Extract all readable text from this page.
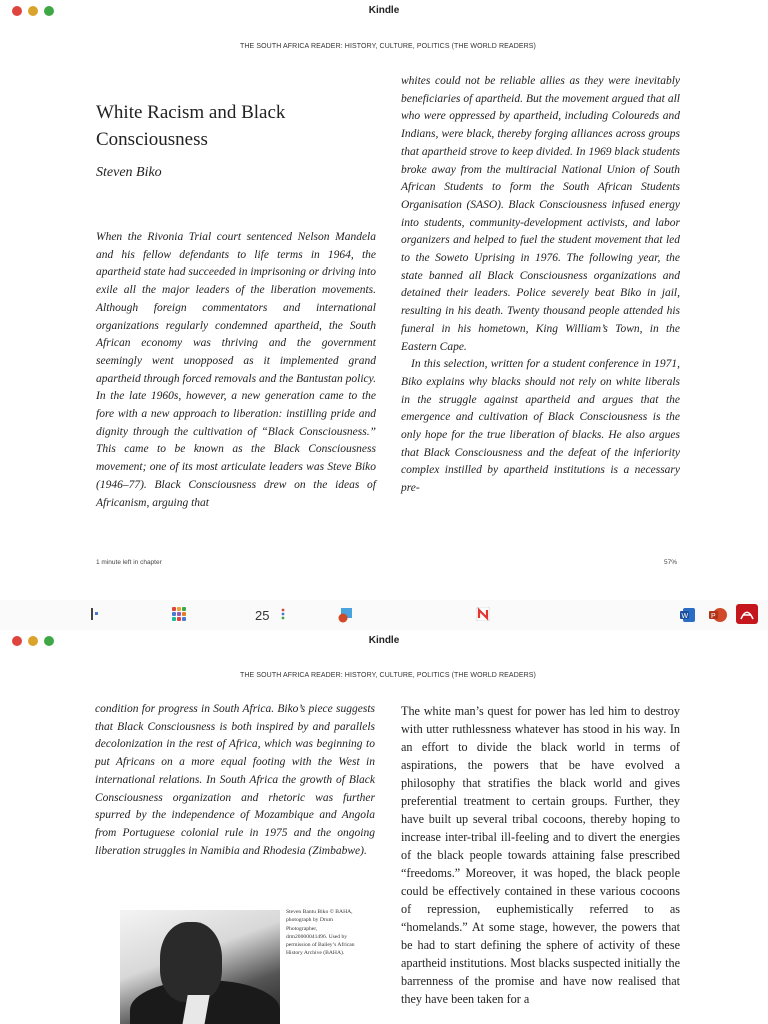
Kindle
THE SOUTH AFRICA READER: HISTORY, CULTURE, POLITICS (THE WORLD READERS)
White Racism and Black Consciousness
Steven Biko

When the Rivonia Trial court sentenced Nelson Mandela and his fellow defendants to life terms in 1964, the apartheid state had succeeded in imprisoning or driving into exile all the major leaders of the liberation movements. Although foreign commentators and international organizations regularly condemned apartheid, the South African economy was thriving and the government seemingly went unopposed as it implemented grand apartheid through forced removals and the Bantustan policy. In the late 1960s, however, a new generation came to the fore with a new approach to liberation: instilling pride and dignity through the cultivation of “Black Consciousness.” This came to be known as the Black Consciousness movement; one of its most articulate leaders was Steve Biko (1946–77). Black Consciousness drew on the ideas of Africanism, arguing that

whites could not be reliable allies as they were inevitably beneficiaries of apartheid. But the movement argued that all who were oppressed by apartheid, including Coloureds and Indians, were black, thereby forging alliances across groups that apartheid strove to keep divided. In 1969 black students broke away from the multiracial National Union of South African Students to form the South African Students Organisation (SASO). Black Consciousness infused energy into students, community-development activists, and labor organizers and helped to fuel the student movement that led to the Soweto Uprising in 1976. The following year, the state banned all Black Consciousness organizations and detained their leaders. Police severely beat Biko in jail, resulting in his death. Twenty thousand people attended his funeral in his hometown, King William’s Town, in the Eastern Cape.

In this selection, written for a student conference in 1971, Biko explains why blacks should not rely on white liberals in the struggle against apartheid and argues that the emergence and cultivation of Black Consciousness is the only hope for the true liberation of blacks. He also argues that Black Consciousness and the defeat of the inferiority complex instilled by apartheid institutions is a necessary pre-

1 minute left in chapter	57%
25	W	P
Kindle
THE SOUTH AFRICA READER: HISTORY, CULTURE, POLITICS (THE WORLD READERS)

condition for progress in South Africa. Biko’s piece suggests that Black Consciousness is both inspired by and parallels decolonization in the rest of Africa, which was beginning to put Africans on a more equal footing with the West in international relations. In South Africa the growth of Black Consciousness organization and rhetoric was further spurred by the independence of Mozambique and Angola from Portuguese colonial rule in 1975 and the ongoing liberation struggles in Namibia and Rhodesia (Zimbabwe).

Steven Bantu Biko © BAHA, photograph by Drum Photographer, drm20000041496. Used by permission of Bailey’s African History Archive (BAHA).

The white man’s quest for power has led him to destroy with utter ruthlessness whatever has stood in his way. In an effort to divide the black world in terms of aspirations, the powers that be have evolved a philosophy that stratifies the black world and gives preferential treatment to certain groups. Further, they have built up several tribal cocoons, thereby hoping to increase inter-tribal ill-feeling and to divert the energies of the black people towards attaining false prescribed “freedoms.” Moreover, it was hoped, the black people could be effectively contained in these various cocoons of repression, euphemistically referred to as “homelands.” At some stage, however, the powers that be had to start defining the sphere of activity of these apartheid institutions. Most blacks suspected initially the barrenness of the promise and have now realised that they have been taken for a
